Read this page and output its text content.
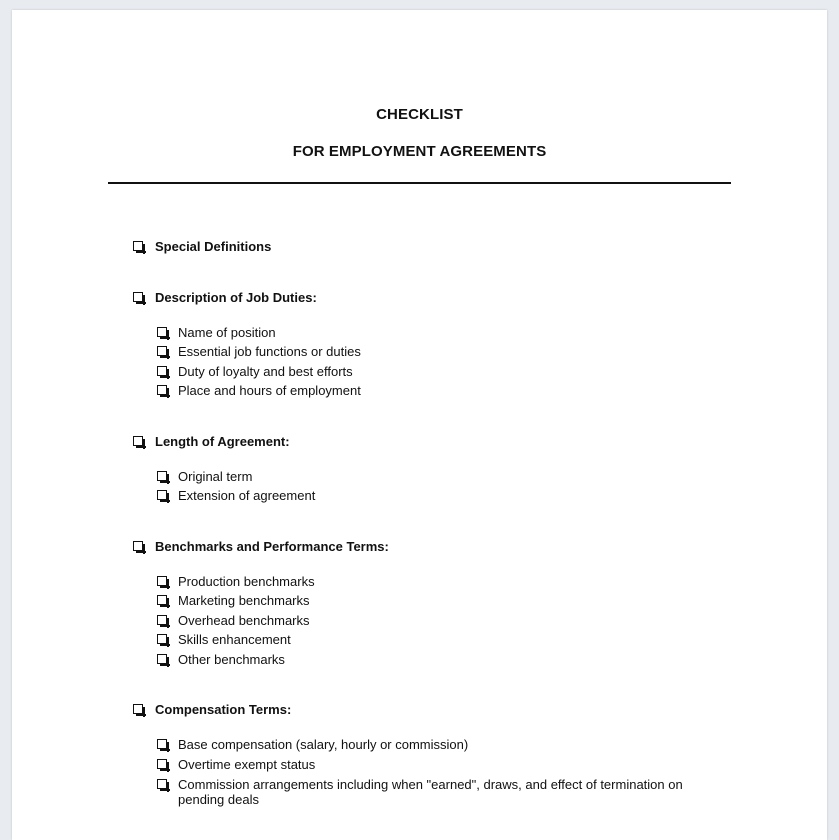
CHECKLIST
FOR EMPLOYMENT AGREEMENTS
Special Definitions
Description of Job Duties:
Name of position
Essential job functions or duties
Duty of loyalty and best efforts
Place and hours of employment
Length of Agreement:
Original term
Extension of agreement
Benchmarks and Performance Terms:
Production benchmarks
Marketing benchmarks
Overhead benchmarks
Skills enhancement
Other benchmarks
Compensation Terms:
Base compensation (salary, hourly or commission)
Overtime exempt status
Commission arrangements including when "earned", draws, and effect of termination on pending deals
